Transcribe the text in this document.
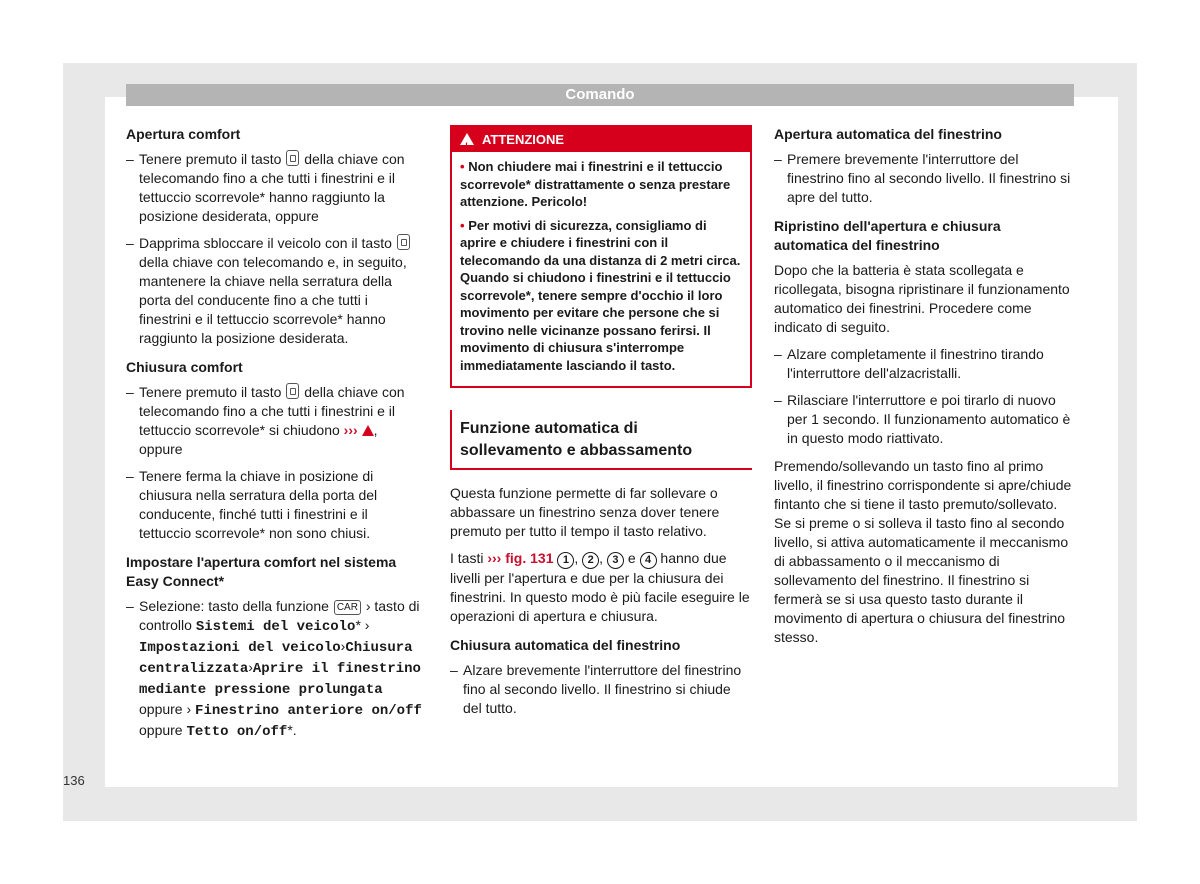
Comando
Apertura comfort
– Tenere premuto il tasto della chiave con telecomando fino a che tutti i finestrini e il tettuccio scorrevole* hanno raggiunto la posizione desiderata, oppure
– Dapprima sbloccare il veicolo con il tasto  della chiave con telecomando e, in seguito, mantenere la chiave nella serratura della porta del conducente fino a che tutti i finestrini e il tettuccio scorrevole* hanno raggiunto la posizione desiderata.
Chiusura comfort
– Tenere premuto il tasto della chiave con telecomando fino a che tutti i finestrini e il tettuccio scorrevole* si chiudono ››› , oppure
– Tenere ferma la chiave in posizione di chiusura nella serratura della porta del conducente, finché tutti i finestrini e il tettuccio scorrevole* non sono chiusi.
Impostare l'apertura comfort nel sistema Easy Connect*
– Selezione: tasto della funzione CAR › tasto di controllo Sistemi del veicolo* › Impostazioni del veicolo›Chiusura centralizzata›Aprire il finestrino mediante pressione prolungata oppure › Finestrino anteriore on/off oppure Tetto on/off*.
!ATTENZIONE

• Non chiudere mai i finestrini e il tettuccio scorrevole* distrattamente o senza prestare attenzione. Pericolo!

• Per motivi di sicurezza, consigliamo di aprire e chiudere i finestrini con il telecomando da una distanza di 2 metri circa. Quando si chiudono i finestrini e il tettuccio scorrevole*, tenere sempre d'occhio il loro movimento per evitare che persone che si trovino nelle vicinanze possano ferirsi. Il movimento di chiusura s'interrompe immediatamente lasciando il tasto.

Funzione automatica di sollevamento e abbassamento

Questa funzione permette di far sollevare o abbassare un finestrino senza dover tenere premuto per tutto il tempo il tasto relativo.

I tasti ››› fig. 131 1 , 2 , 3 e 4 hanno due livelli per l'apertura e due per la chiusura dei finestrini. In questo modo è più facile eseguire le operazioni di apertura e chiusura.

Chiusura automatica del finestrino
– Alzare brevemente l'interruttore del finestrino fino al secondo livello. Il finestrino si chiude del tutto.
Apertura automatica del finestrino
– Premere brevemente l'interruttore del finestrino fino al secondo livello. Il finestrino si apre del tutto.
Ripristino dell'apertura e chiusura automatica del finestrino

Dopo che la batteria è stata scollegata e ricollegata, bisogna ripristinare il funzionamento automatico dei finestrini. Procedere come indicato di seguito.

– Alzare completamente il finestrino tirando l'interruttore dell'alzacristalli.
– Rilasciare l'interruttore e poi tirarlo di nuovo per 1 secondo. Il funzionamento automatico è in questo modo riattivato.

Premendo/sollevando un tasto fino al primo livello, il finestrino corrispondente si apre/chiude fintanto che si tiene il tasto premuto/sollevato. Se si preme o si solleva il tasto fino al secondo livello, si attiva automaticamente il meccanismo di abbassamento o il meccanismo di sollevamento del finestrino. Il finestrino si fermerà se si usa questo tasto durante il movimento di apertura o chiusura del finestrino stesso.

136
